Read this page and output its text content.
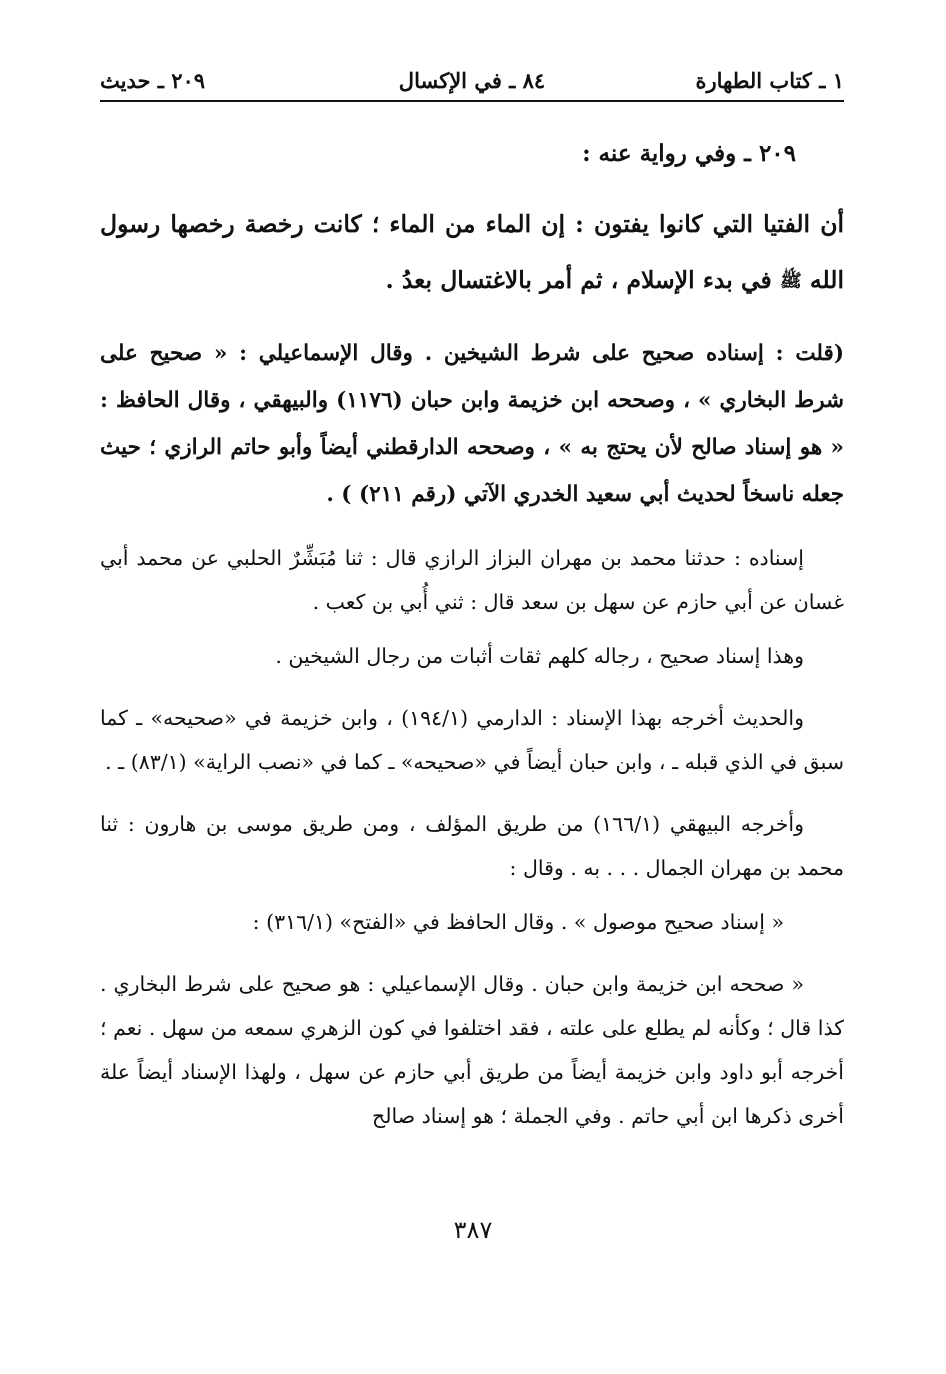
١ ـ كتاب الطهارة
٨٤ ـ في الإكسال
٢٠٩ ـ حديث
٢٠٩ ـ وفي رواية عنه :
أن الفتيا التي كانوا يفتون : إن الماء من الماء ؛ كانت رخصة رخصها رسول الله ﷺ في بدء الإسلام ، ثم أمر بالاغتسال بعدُ .
(قلت : إسناده صحيح على شرط الشيخين . وقال الإسماعيلي : « صحيح على شرط البخاري » ، وصححه ابن خزيمة وابن حبان (١١٧٦) والبيهقي ، وقال الحافظ : « هو إسناد صالح لأن يحتج به » ، وصححه الدارقطني أيضاً وأبو حاتم الرازي ؛ حيث جعله ناسخاً لحديث أبي سعيد الخدري الآتي (رقم ٢١١) ) .
إسناده : حدثنا محمد بن مهران البزاز الرازي قال : ثنا مُبَشِّرٌ الحلبي عن محمد أبي غسان عن أبي حازم عن سهل بن سعد قال : ثني أُبي بن كعب .
وهذا إسناد صحيح ، رجاله كلهم ثقات أثبات من رجال الشيخين .
والحديث أخرجه بهذا الإسناد : الدارمي (١٩٤/١) ، وابن خزيمة في «صحيحه» ـ كما سبق في الذي قبله ـ ، وابن حبان أيضاً في «صحيحه» ـ كما في «نصب الراية» (٨٣/١) ـ .
وأخرجه البيهقي (١٦٦/١) من طريق المؤلف ، ومن طريق موسى بن هارون : ثنا محمد بن مهران الجمال . . . به . وقال :
« إسناد صحيح موصول » . وقال الحافظ في «الفتح» (٣١٦/١) :
« صححه ابن خزيمة وابن حبان . وقال الإسماعيلي : هو صحيح على شرط البخاري . كذا قال ؛ وكأنه لم يطلع على علته ، فقد اختلفوا في كون الزهري سمعه من سهل . نعم ؛ أخرجه أبو داود وابن خزيمة أيضاً من طريق أبي حازم عن سهل ، ولهذا الإسناد أيضاً علة أخرى ذكرها ابن أبي حاتم . وفي الجملة ؛ هو إسناد صالح
٣٨٧
